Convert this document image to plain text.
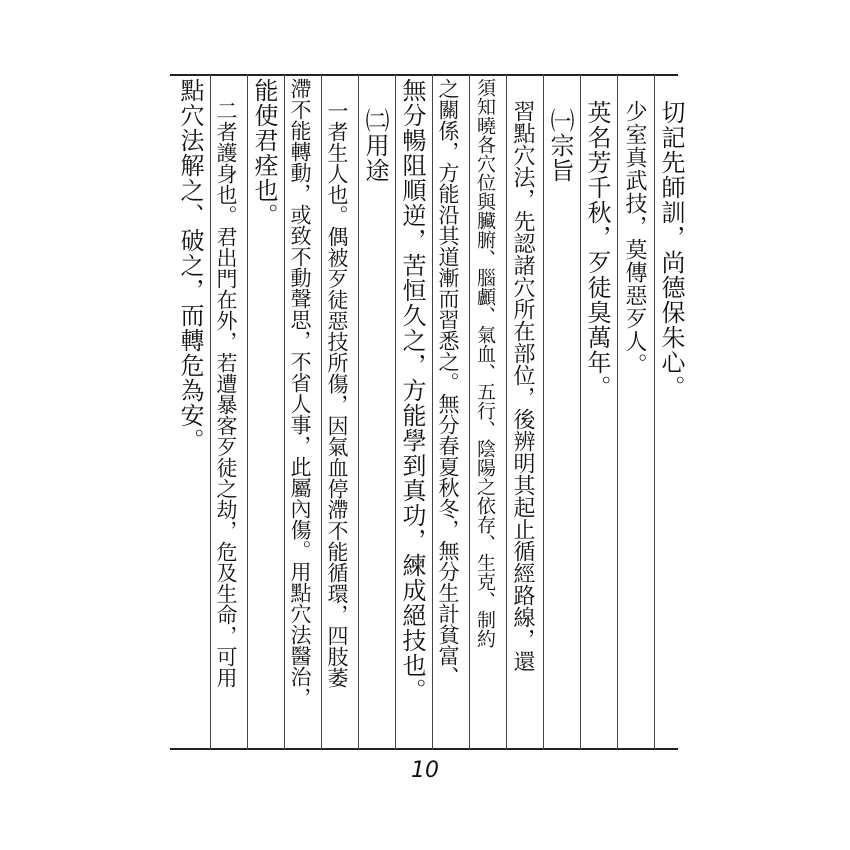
切記先師訓，尚德保朱心。
少室真武技，莫傳惡歹人。
英名芳千秋，歹徒臭萬年。
㈠宗旨
習點穴法，先認諸穴所在部位，後辨明其起止循經路線，還
須知曉各穴位與臟腑、腦顱、氣血、五行、陰陽之依存、生克、制約
之關係，方能沿其道漸而習悉之。無分春夏秋冬，無分生計貧富、
無分暢阻順逆，苦恒久之，方能學到真功，練成絕技也。
㈡用途
一者生人也。偶被歹徒惡技所傷，因氣血停滯不能循環，四肢萎
滯不能轉動，或致不動聲思，不省人事，此屬內傷。用點穴法醫治，
能使君痊也。
二者護身也。君出門在外，若遭暴客歹徒之劫，危及生命，可用
點穴法解之、破之，而轉危為安。
10
